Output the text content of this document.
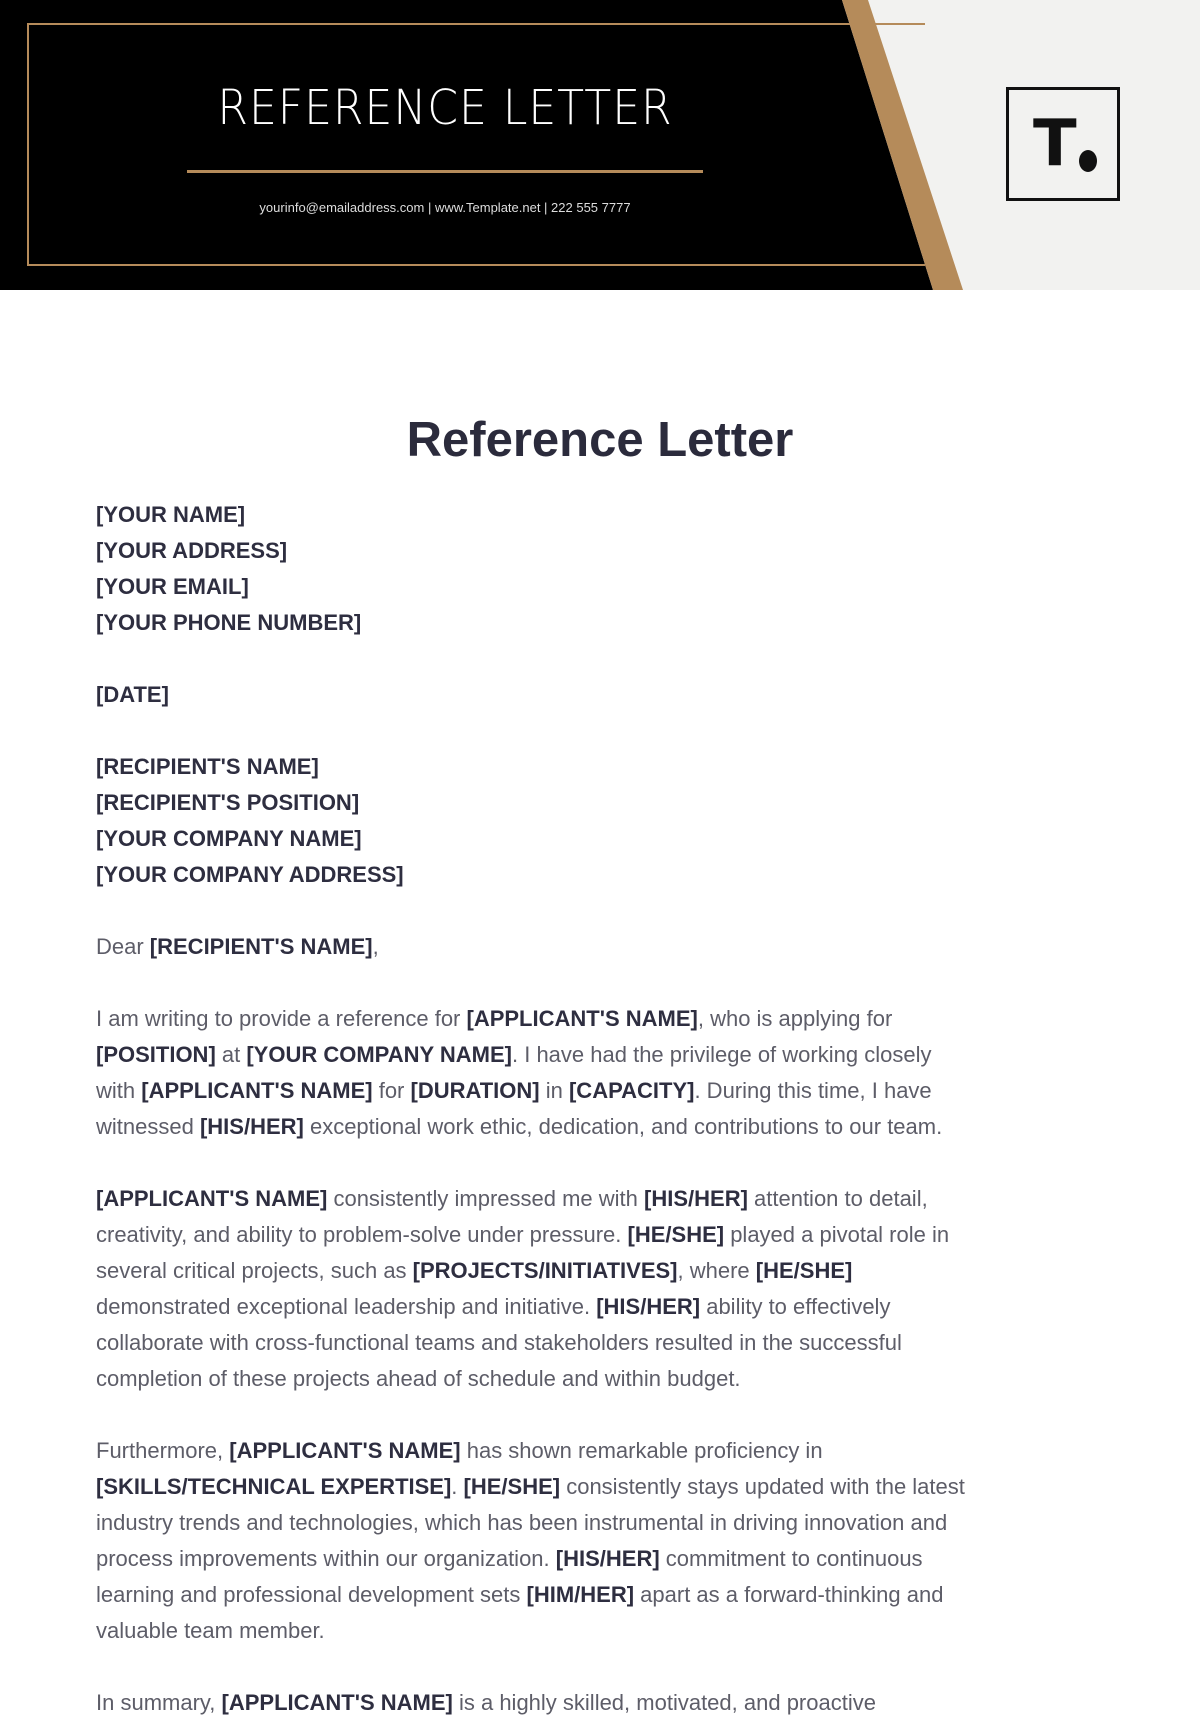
REFERENCE LETTER
yourinfo@emailaddress.com | www.Template.net | 222 555 7777
T
Reference Letter
[YOUR NAME]
[YOUR ADDRESS]
[YOUR EMAIL]
[YOUR PHONE NUMBER]
[DATE]
[RECIPIENT'S NAME]
[RECIPIENT'S POSITION]
[YOUR COMPANY NAME]
[YOUR COMPANY ADDRESS]
Dear [RECIPIENT'S NAME],
I am writing to provide a reference for [APPLICANT'S NAME], who is applying for
[POSITION] at [YOUR COMPANY NAME]. I have had the privilege of working closely
with [APPLICANT'S NAME] for [DURATION] in [CAPACITY]. During this time, I have
witnessed [HIS/HER] exceptional work ethic, dedication, and contributions to our team.
[APPLICANT'S NAME] consistently impressed me with [HIS/HER] attention to detail,
creativity, and ability to problem-solve under pressure. [HE/SHE] played a pivotal role in
several critical projects, such as [PROJECTS/INITIATIVES], where [HE/SHE]
demonstrated exceptional leadership and initiative. [HIS/HER] ability to effectively
collaborate with cross-functional teams and stakeholders resulted in the successful
completion of these projects ahead of schedule and within budget.
Furthermore, [APPLICANT'S NAME] has shown remarkable proficiency in
[SKILLS/TECHNICAL EXPERTISE]. [HE/SHE] consistently stays updated with the latest
industry trends and technologies, which has been instrumental in driving innovation and
process improvements within our organization. [HIS/HER] commitment to continuous
learning and professional development sets [HIM/HER] apart as a forward-thinking and
valuable team member.
In summary, [APPLICANT'S NAME] is a highly skilled, motivated, and proactive
